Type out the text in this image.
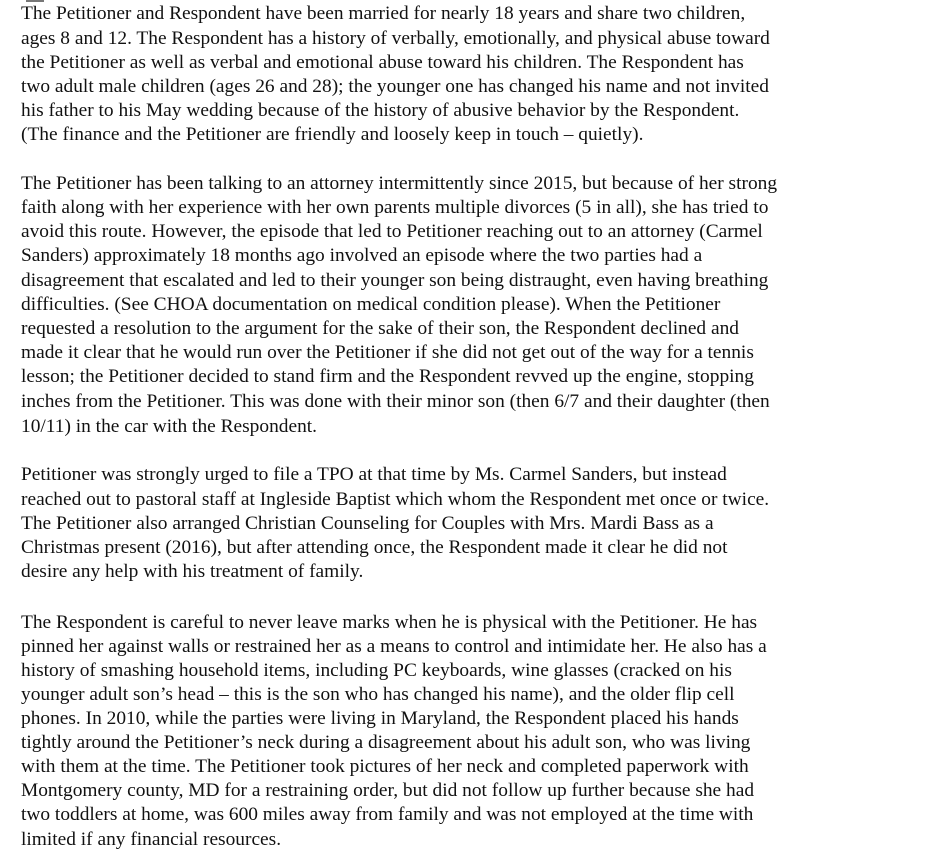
The Petitioner and Respondent have been married for nearly 18 years and share two children,

ages 8 and 12. The Respondent has a history of verbally, emotionally, and physical abuse toward

the Petitioner as well as verbal and emotional abuse toward his children. The Respondent has

two adult male children (ages 26 and 28); the younger one has changed his name and not invited

his father to his May wedding because of the history of abusive behavior by the Respondent.

(The finance and the Petitioner are friendly and loosely keep in touch – quietly).

The Petitioner has been talking to an attorney intermittently since 2015, but because of her strong

faith along with her experience with her own parents multiple divorces (5 in all), she has tried to

avoid this route. However, the episode that led to Petitioner reaching out to an attorney (Carmel

Sanders) approximately 18 months ago involved an episode where the two parties had a

disagreement that escalated and led to their younger son being distraught, even having breathing

difficulties. (See CHOA documentation on medical condition please). When the Petitioner

requested a resolution to the argument for the sake of their son, the Respondent declined and

made it clear that he would run over the Petitioner if she did not get out of the way for a tennis

lesson; the Petitioner decided to stand firm and the Respondent revved up the engine, stopping

inches from the Petitioner. This was done with their minor son (then 6/7 and their daughter (then

10/11) in the car with the Respondent.

Petitioner was strongly urged to file a TPO at that time by Ms. Carmel Sanders, but instead

reached out to pastoral staff at Ingleside Baptist which whom the Respondent met once or twice.

The Petitioner also arranged Christian Counseling for Couples with Mrs. Mardi Bass as a

Christmas present (2016), but after attending once, the Respondent made it clear he did not

desire any help with his treatment of family.

The Respondent is careful to never leave marks when he is physical with the Petitioner. He has

pinned her against walls or restrained her as a means to control and intimidate her. He also has a

history of smashing household items, including PC keyboards, wine glasses (cracked on his

younger adult son’s head – this is the son who has changed his name), and the older flip cell

phones. In 2010, while the parties were living in Maryland, the Respondent placed his hands

tightly around the Petitioner’s neck during a disagreement about his adult son, who was living

with them at the time. The Petitioner took pictures of her neck and completed paperwork with

Montgomery county, MD for a restraining order, but did not follow up further because she had

two toddlers at home, was 600 miles away from family and was not employed at the time with

limited if any financial resources.
